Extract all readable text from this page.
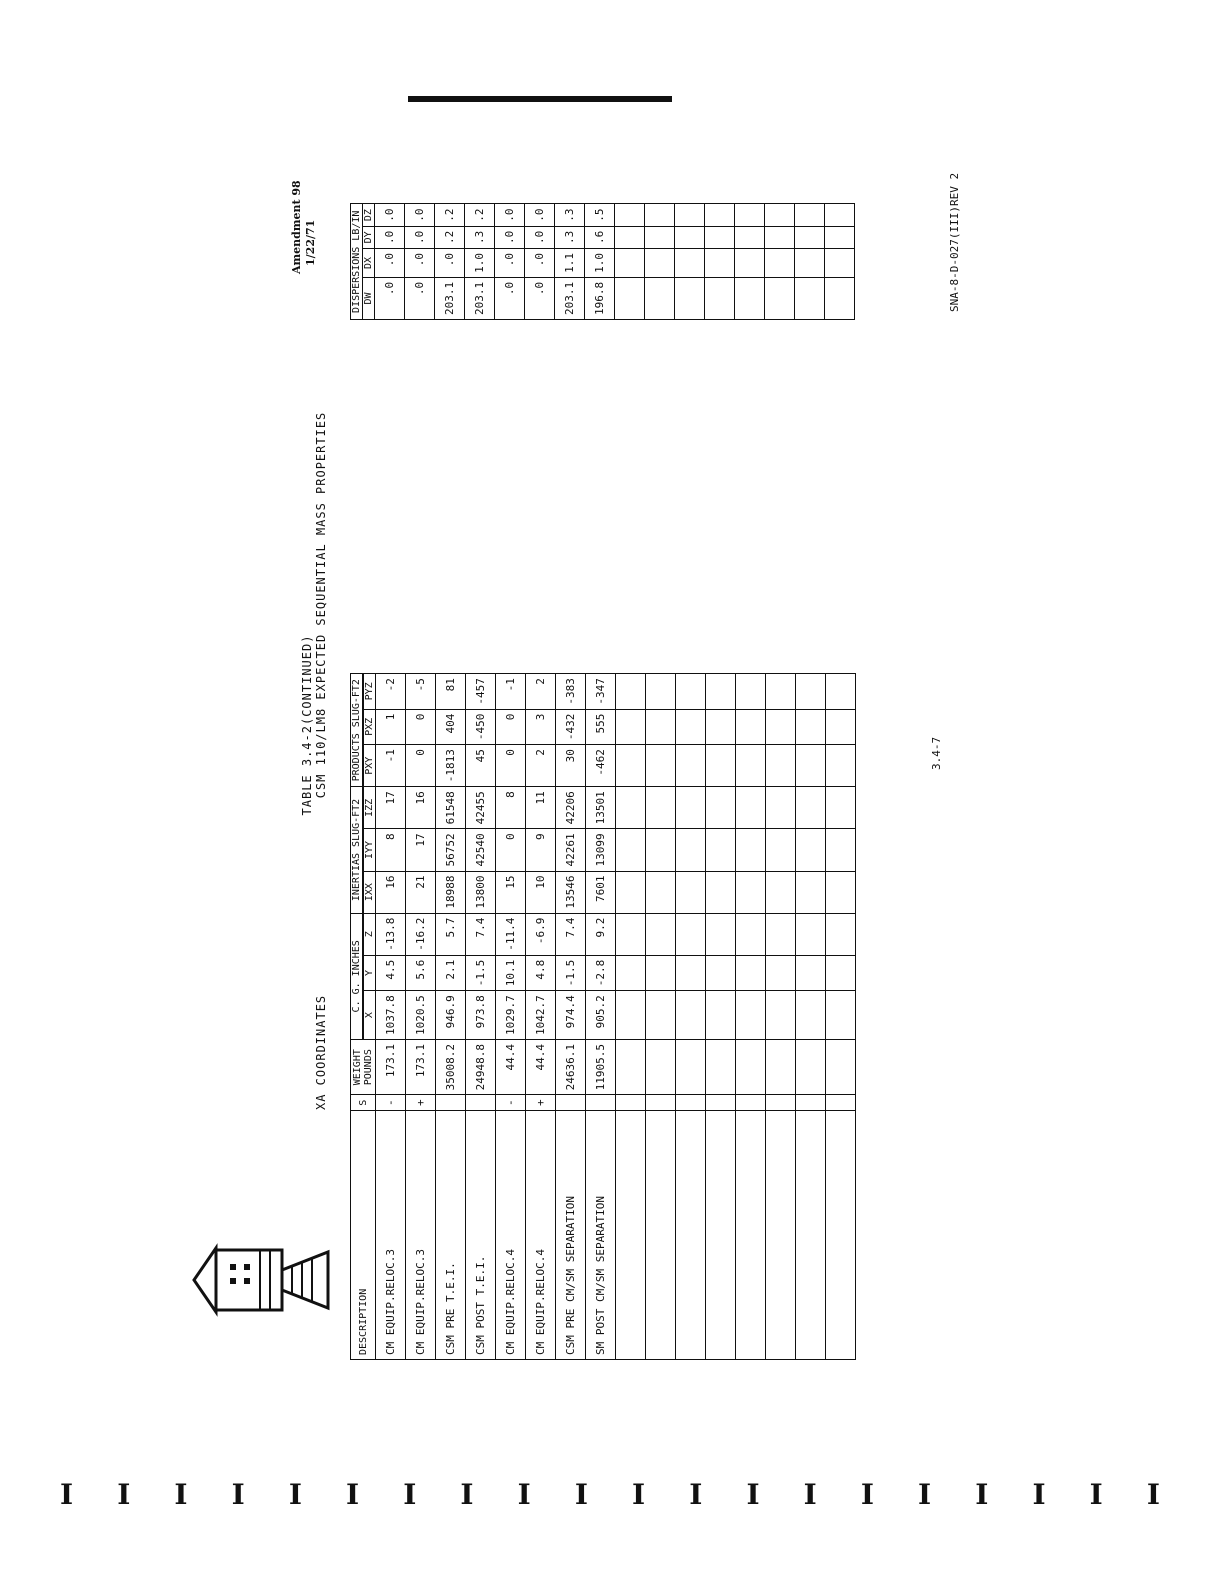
Amendment 98 1/22/71
3.4-7
SNA-8-D-027(III)REV 2
XA COORDINATES
TABLE 3.4-2(CONTINUED) CSM 110/LM8 EXPECTED SEQUENTIAL MASS PROPERTIES
DESCRIPTION	S	WEIGHT
POUNDS	C. G. INCHES			INERTIAS SLUG-FT2			PRODUCTS SLUG-FT2		
			X	Y	Z	IXX	IYY	IZZ	PXY	PXZ	PYZ
CM EQUIP.RELOC.3	-	173.1	1037.8	4.5	-13.8	16	8	17	-1	1	-2
CM EQUIP.RELOC.3	+	173.1	1020.5	5.6	-16.2	21	17	16	0	0	-5
CSM PRE T.E.I.		35008.2	946.9	2.1	5.7	18988	56752	61548	-1813	404	81
CSM POST T.E.I.		24948.8	973.8	-1.5	7.4	13800	42540	42455	45	-450	-457
CM EQUIP.RELOC.4	-	44.4	1029.7	10.1	-11.4	15	0	8	0	0	-1
CM EQUIP.RELOC.4	+	44.4	1042.7	4.8	-6.9	10	9	11	2	3	2
CSM PRE CM/SM SEPARATION		24636.1	974.4	-1.5	7.4	13546	42261	42206	30	-432	-383
SM POST CM/SM SEPARATION		11905.5	905.2	-2.8	9.2	7601	13099	13501	-462	555	-347

DISPERSIONS LB/IN			
DW	DX	DY	DZ
.0	.0	.0	.0
.0	.0	.0	.0
203.1	.0	.2	.2
203.1	1.0	.3	.2
.0	.0	.0	.0
.0	.0	.0	.0
203.1	1.1	.3	.3
196.8	1.0	.6	.5

I I I I I I I I I I I I I I I I I I I I
